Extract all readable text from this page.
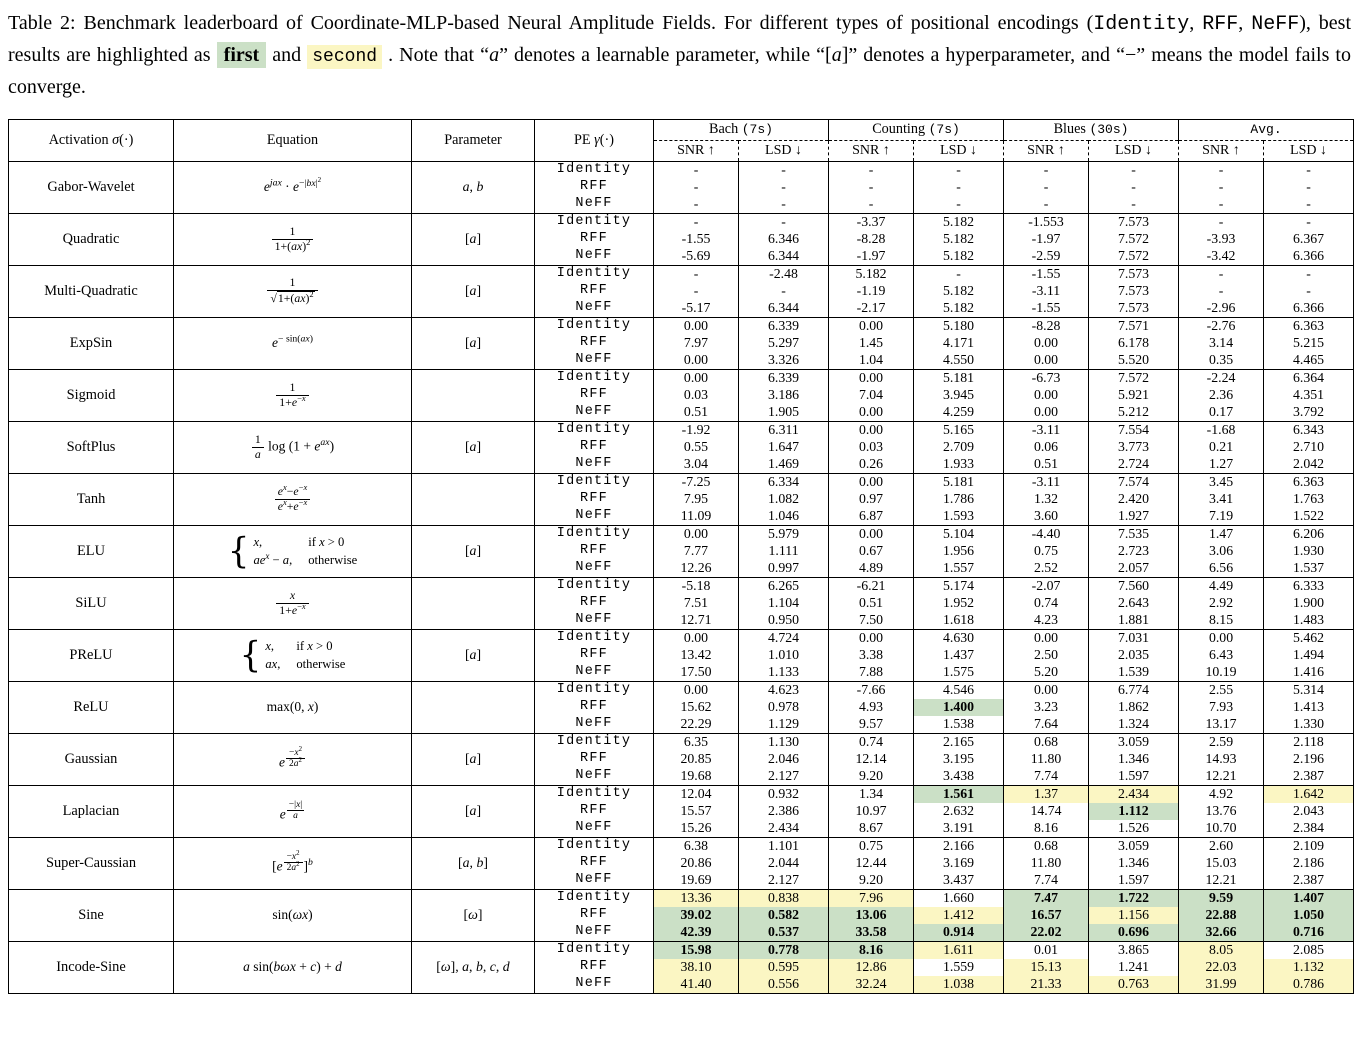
Table 2: Benchmark leaderboard of Coordinate-MLP-based Neural Amplitude Fields. For different types of positional encodings (Identity, RFF, NeFF), best results are highlighted as first and second . Note that “a” denotes a learnable parameter, while “[a]” denotes a hyperparameter, and “−” means the model fails to converge.

Activation σ(·)	Equation	Parameter	PE γ(·)	Bach (7s)		Counting (7s)		Blues (30s)		Avg.	
				SNR ↑	LSD ↓	SNR ↑	LSD ↓	SNR ↑	LSD ↓	SNR ↑	LSD ↓
Gabor-Wavelet	$e^{jax} \cdot e^{-|bx|^2}$	a, b	Identity	-	-	-	-	-	-	-	-
			RFF	-	-	-	-	-	-	-	-
			NeFF	-	-	-	-	-	-	-	-
Quadratic	$\frac{1}{1+(ax)^2}$	[a]	Identity	-	-	-3.37	5.182	-1.553	7.573	-	-
			RFF	-1.55	6.346	-8.28	5.182	-1.97	7.572	-3.93	6.367
			NeFF	-5.69	6.344	-1.97	5.182	-2.59	7.572	-3.42	6.366
Multi-Quadratic	$\frac{1}{√1+(ax)^2}$	[a]	Identity	-	-2.48	5.182	-	-1.55	7.573	-	-
			RFF	-	-	-1.19	5.182	-3.11	7.573	-	-
			NeFF	-5.17	6.344	-2.17	5.182	-1.55	7.573	-2.96	6.366
ExpSin	$e^{- sin(ax)}$	[a]	Identity	0.00	6.339	0.00	5.180	-8.28	7.571	-2.76	6.363
			RFF	7.97	5.297	1.45	4.171	0.00	6.178	3.14	5.215
			NeFF	0.00	3.326	1.04	4.550	0.00	5.520	0.35	4.465
Sigmoid	$\frac{1}{1+e^{-x}}$		Identity	0.00	6.339	0.00	5.181	-6.73	7.572	-2.24	6.364
			RFF	0.03	3.186	7.04	3.945	0.00	5.921	2.36	4.351
			NeFF	0.51	1.905	0.00	4.259	0.00	5.212	0.17	3.792
SoftPlus	$\frac{1}{a}$ $\log (1 + e^{ax})$	[a]	Identity	-1.92	6.311	0.00	5.165	-3.11	7.554	-1.68	6.343
			RFF	0.55	1.647	0.03	2.709	0.06	3.773	0.21	2.710
			NeFF	3.04	1.469	0.26	1.933	0.51	2.724	1.27	2.042
Tanh	$\frac{e^x-e^{-x}}{e^x+e^{-x}}$		Identity	-7.25	6.334	0.00	5.181	-3.11	7.574	3.45	6.363
			RFF	7.95	1.082	0.97	1.786	1.32	2.420	3.41	1.763
			NeFF	11.09	1.046	6.87	1.593	3.60	1.927	7.19	1.522
ELU	{ x, if x > 0
$ae^x - a$, otherwise	[a]	Identity	0.00	5.979	0.00	5.104	-4.40	7.535	1.47	6.206
			RFF	7.77	1.111	0.67	1.956	0.75	2.723	3.06	1.930
			NeFF	12.26	0.997	4.89	1.557	2.52	2.057	6.56	1.537
SiLU	$\frac{x}{1+e^{-x}}$		Identity	-5.18	6.265	-6.21	5.174	-2.07	7.560	4.49	6.333
			RFF	7.51	1.104	0.51	1.952	0.74	2.643	2.92	1.900
			NeFF	12.71	0.950	7.50	1.618	4.23	1.881	8.15	1.483
PReLU	{ x, if x > 0
ax, otherwise	[a]	Identity	0.00	4.724	0.00	4.630	0.00	7.031	0.00	5.462
			RFF	13.42	1.010	3.38	1.437	2.50	2.035	6.43	1.494
			NeFF	17.50	1.133	7.88	1.575	5.20	1.539	10.19	1.416
ReLU	max(0, x)		Identity	0.00	4.623	-7.66	4.546	0.00	6.774	2.55	5.314
			RFF	15.62	0.978	4.93	1.400	3.23	1.862	7.93	1.413
			NeFF	22.29	1.129	9.57	1.538	7.64	1.324	13.17	1.330
Gaussian	e $^{\frac{-x^2}{2a^2}}$	[a]	Identity	6.35	1.130	0.74	2.165	0.68	3.059	2.59	2.118
			RFF	20.85	2.046	12.14	3.195	11.80	1.346	14.93	2.196
			NeFF	19.68	2.127	9.20	3.438	7.74	1.597	12.21	2.387
Laplacian	e $^{\frac{-|x|}{a}}$	[a]	Identity	12.04	0.932	1.34	1.561	1.37	2.434	4.92	1.642
			RFF	15.57	2.386	10.97	2.632	14.74	1.112	13.76	2.043
			NeFF	15.26	2.434	8.67	3.191	8.16	1.526	10.70	2.384
Super-Caussian	[e $^{\frac{-x^2}{2a^2}}$ ]$^b$	[a, b]	Identity	6.38	1.101	0.75	2.166	0.68	3.059	2.60	2.109
			RFF	20.86	2.044	12.44	3.169	11.80	1.346	15.03	2.186
			NeFF	19.69	2.127	9.20	3.437	7.74	1.597	12.21	2.387
Sine	sin(ωx)	[ω]	Identity	13.36	0.838	7.96	1.660	7.47	1.722	9.59	1.407
			RFF	39.02	0.582	13.06	1.412	16.57	1.156	22.88	1.050
			NeFF	42.39	0.537	33.58	0.914	22.02	0.696	32.66	0.716
Incode-Sine	a sin(bωx + c) + d	[ω], a, b, c, d	Identity	15.98	0.778	8.16	1.611	0.01	3.865	8.05	2.085
			RFF	38.10	0.595	12.86	1.559	15.13	1.241	22.03	1.132
			NeFF	41.40	0.556	32.24	1.038	21.33	0.763	31.99	0.786
